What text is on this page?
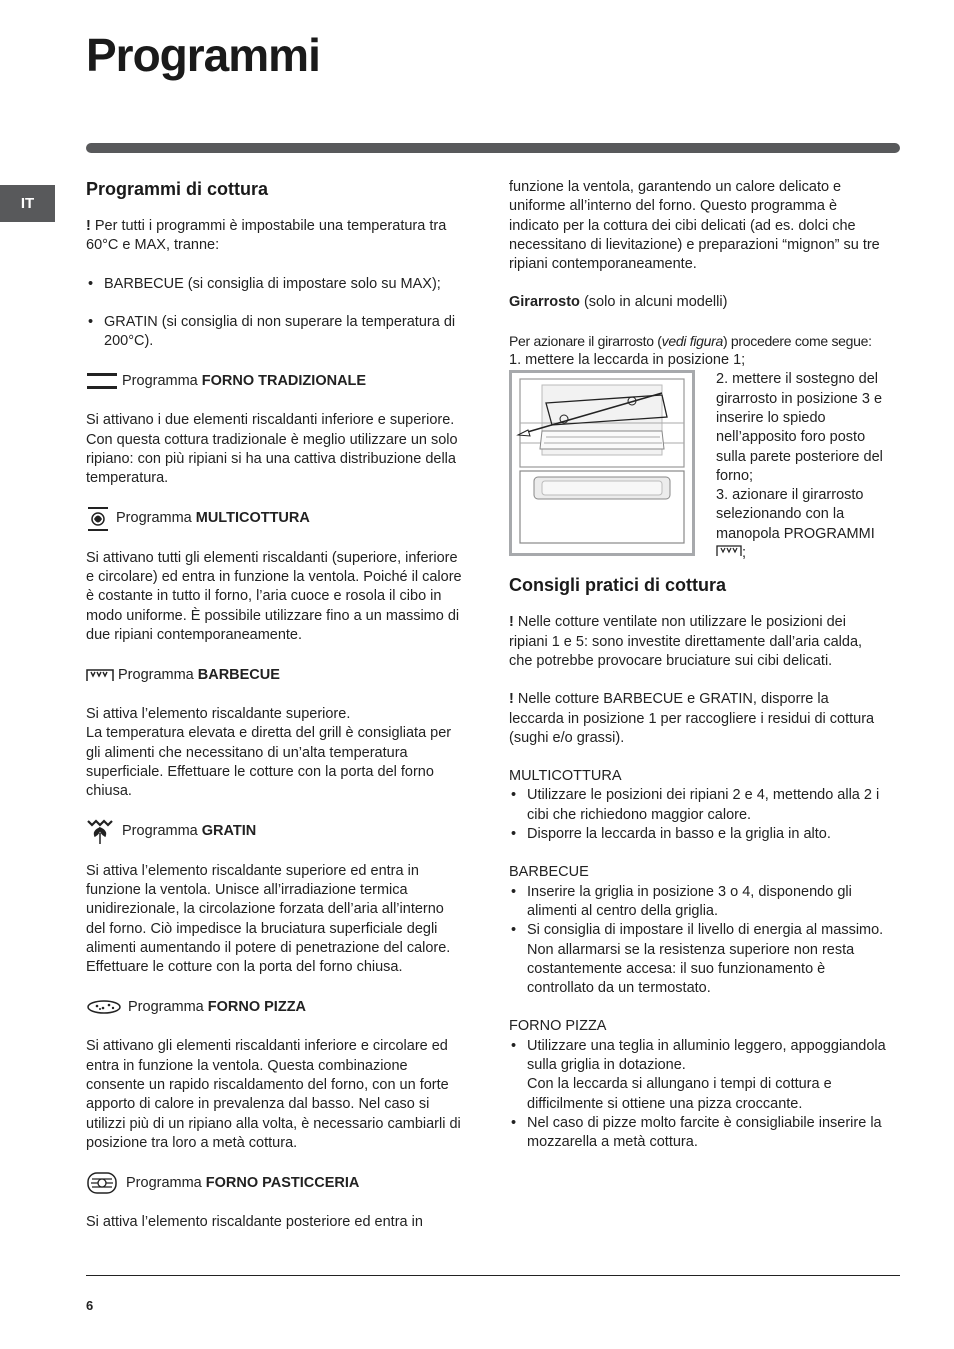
Programmi
IT
Programmi di cottura

! Per tutti i programmi è impostabile una temperatura tra 60°C e MAX, tranne:

• BARBECUE (si consiglia di impostare solo su MAX);

• GRATIN (si consiglia di non superare la temperatura di 200°C).

Programma FORNO TRADIZIONALE

Si attivano i due elementi riscaldanti inferiore e superiore. Con questa cottura tradizionale è meglio utilizzare un solo ripiano: con più ripiani si ha una cattiva distribuzione della temperatura.

Programma MULTICOTTURA

Si attivano tutti gli elementi riscaldanti (superiore, inferiore e circolare) ed entra in funzione la ventola. Poiché il calore è costante in tutto il forno, l’aria cuoce e rosola il cibo in modo uniforme. È possibile utilizzare fino a un massimo di due ripiani contemporaneamente.

Programma BARBECUE

Si attiva l’elemento riscaldante superiore.

La temperatura elevata e diretta del grill è consigliata per gli alimenti che necessitano di un’alta temperatura superficiale. Effettuare le cotture con la porta del forno chiusa.

Programma GRATIN

Si attiva l’elemento riscaldante superiore ed entra in funzione la ventola. Unisce all’irradiazione termica unidirezionale, la circolazione forzata dell’aria all’interno del forno. Ciò impedisce la bruciatura superficiale degli alimenti aumentando il potere di penetrazione del calore. Effettuare le cotture con la porta del forno chiusa.

Programma FORNO PIZZA

Si attivano gli elementi riscaldanti inferiore e circolare ed entra in funzione la ventola. Questa combinazione consente un rapido riscaldamento del forno, con un forte apporto di calore in prevalenza dal basso. Nel caso si utilizzi più di un ripiano alla volta, è necessario cambiarli di posizione tra loro a metà cottura.

Programma FORNO PASTICCERIA

Si attiva l’elemento riscaldante posteriore ed entra in

funzione la ventola, garantendo un calore delicato e uniforme all’interno del forno. Questo programma è indicato per la cottura dei cibi delicati (ad es. dolci che necessitano di lievitazione) e preparazioni “mignon” su tre ripiani contemporaneamente.

Girarrosto (solo in alcuni modelli)

Per azionare il girarrosto (vedi figura) procedere come segue:

1. mettere la leccarda in posizione 1;

2. mettere il sostegno del girarrosto in posizione 3 e inserire lo spiedo nell’apposito foro posto sulla parete posteriore del forno;

3. azionare il girarrosto selezionando con la manopola PROGRAMMI ;

Consigli pratici di cottura

! Nelle cotture ventilate non utilizzare le posizioni dei ripiani 1 e 5: sono investite direttamente dall’aria calda, che potrebbe provocare bruciature sui cibi delicati.

! Nelle cotture BARBECUE e GRATIN, disporre la leccarda in posizione 1 per raccogliere i residui di cottura (sughi e/o grassi).

MULTICOTTURA

• Utilizzare le posizioni dei ripiani 2 e 4, mettendo alla 2 i cibi che richiedono maggior calore.

• Disporre la leccarda in basso e la griglia in alto.

BARBECUE

• Inserire la griglia in posizione 3 o 4, disponendo gli alimenti al centro della griglia.

• Si consiglia di impostare il livello di energia al massimo. Non allarmarsi se la resistenza superiore non resta costantemente accesa: il suo funzionamento è controllato da un termostato.

FORNO PIZZA

• Utilizzare una teglia in alluminio leggero, appoggiandola sulla griglia in dotazione.

Con la leccarda si allungano i tempi di cottura e difficilmente si ottiene una pizza croccante.

• Nel caso di pizze molto farcite è consigliabile inserire la mozzarella a metà cottura.

6
